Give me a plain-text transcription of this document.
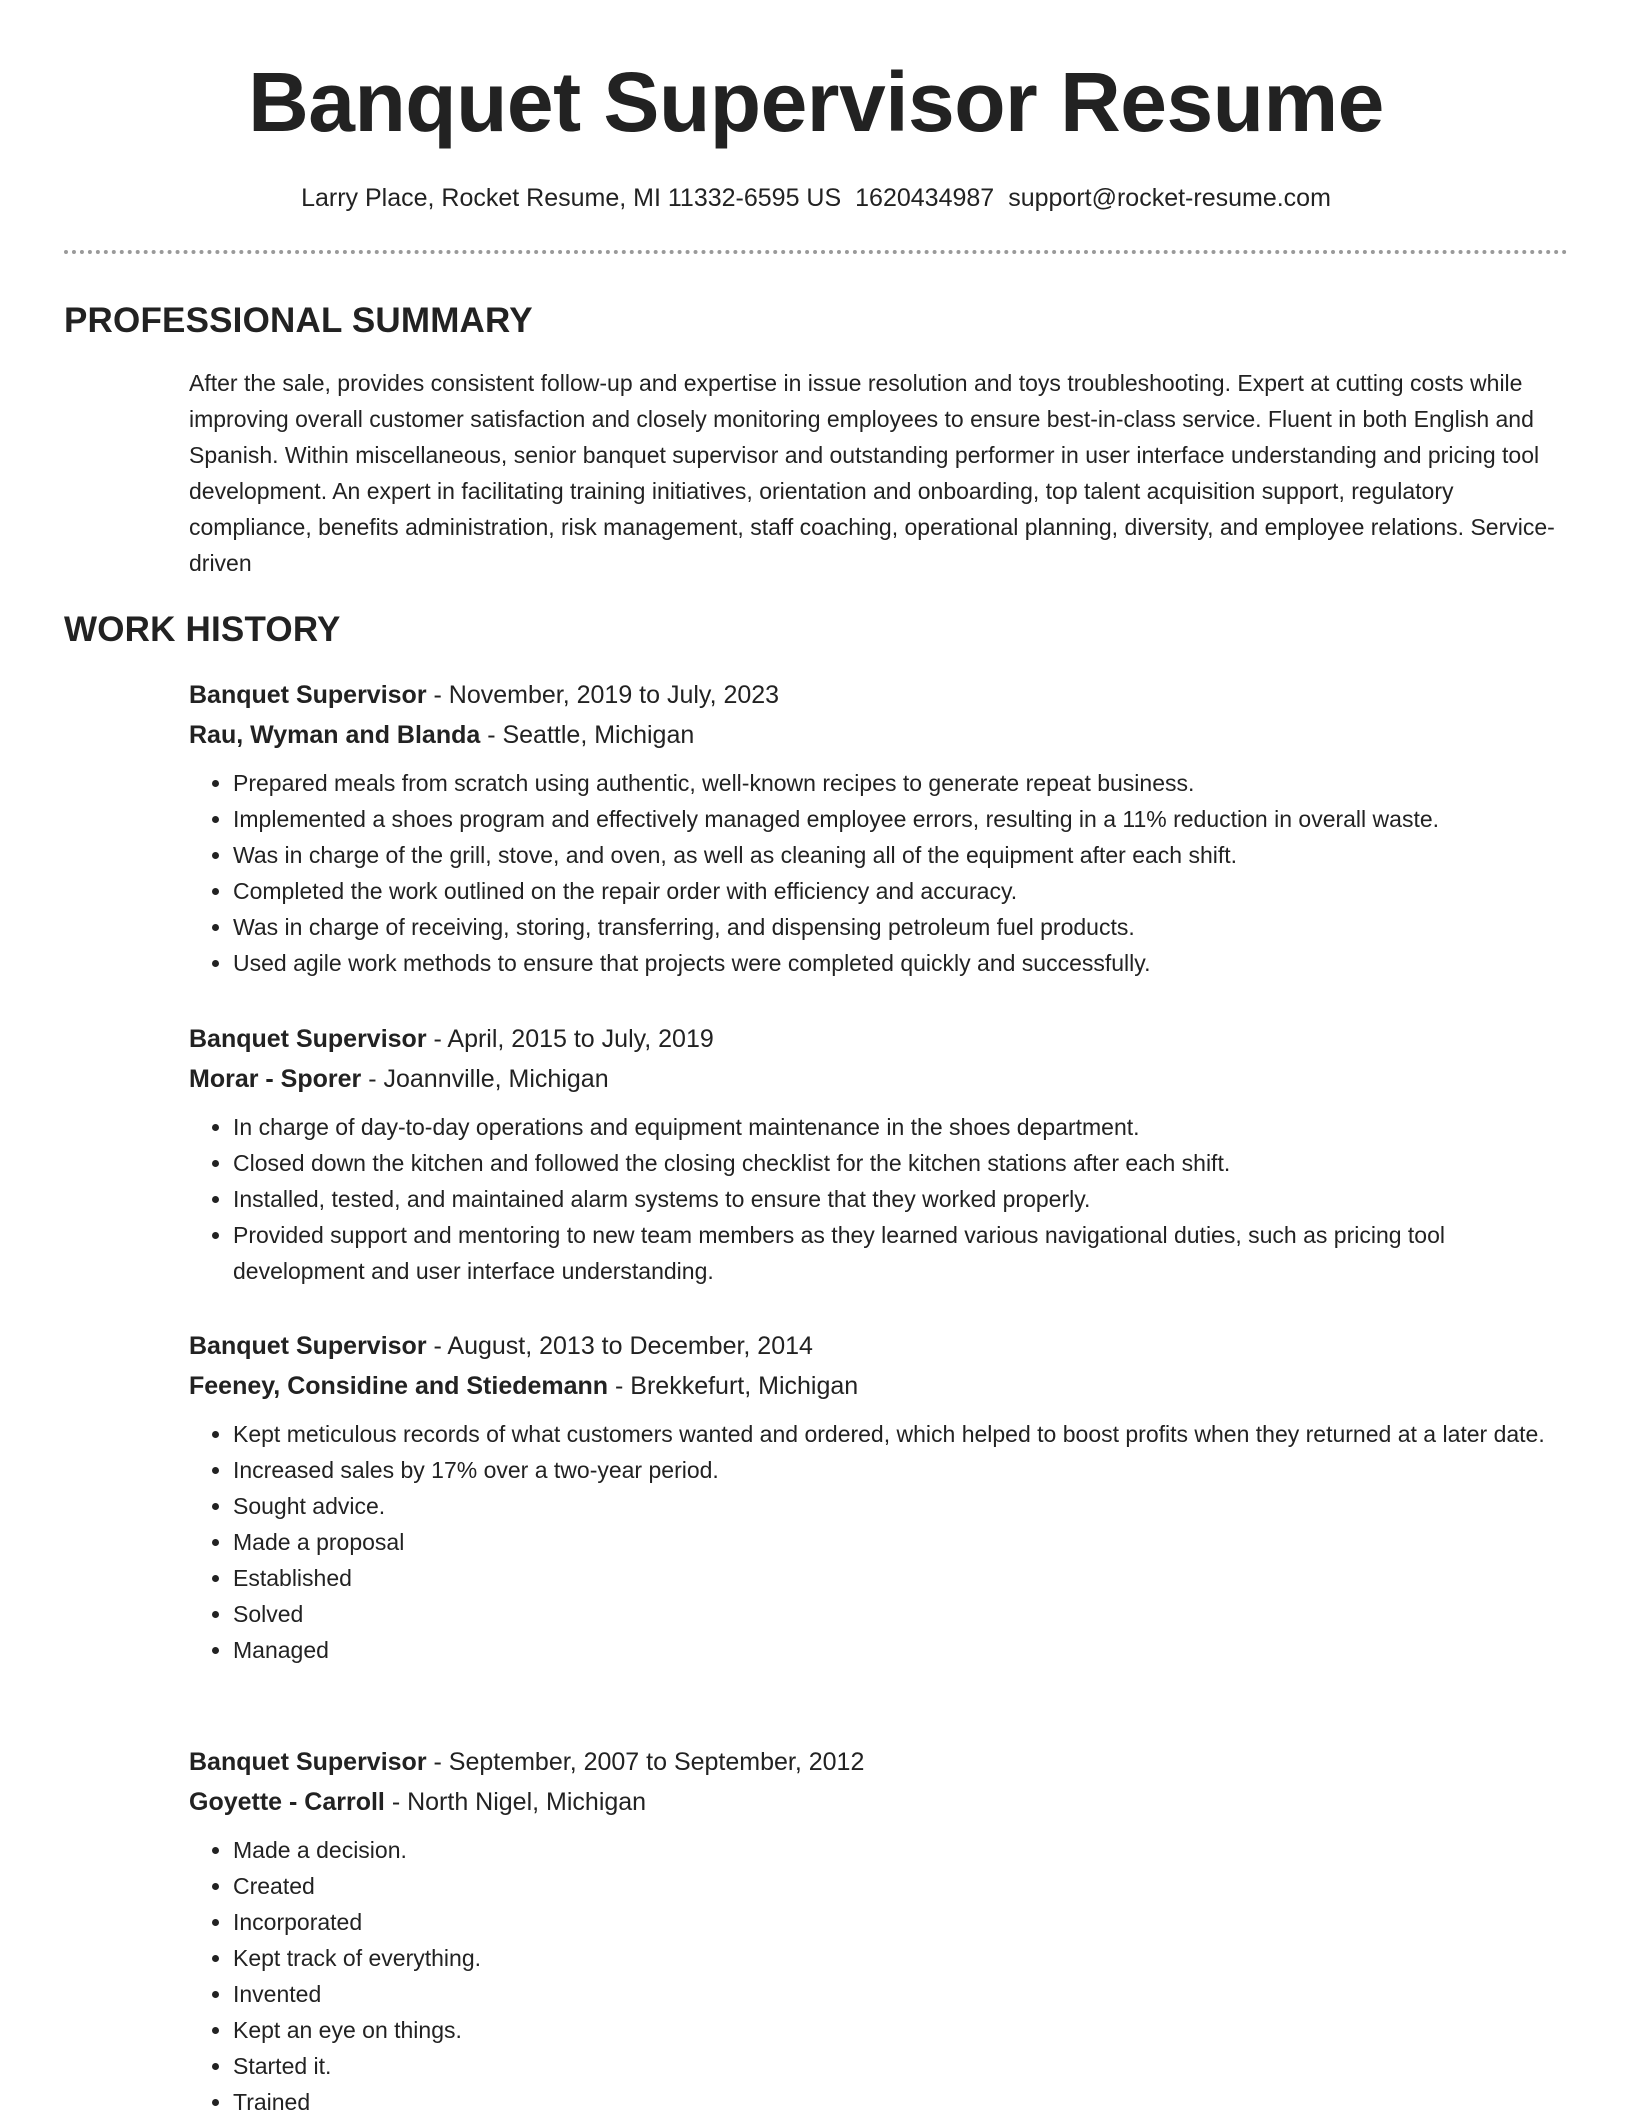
Banquet Supervisor Resume
Larry Place, Rocket Resume, MI 11332-6595 US 1620434987 support@rocket-resume.com
PROFESSIONAL SUMMARY

After the sale, provides consistent follow-up and expertise in issue resolution and toys troubleshooting. Expert at cutting costs while improving overall customer satisfaction and closely monitoring employees to ensure best-in-class service. Fluent in both English and Spanish. Within miscellaneous, senior banquet supervisor and outstanding performer in user interface understanding and pricing tool development. An expert in facilitating training initiatives, orientation and onboarding, top talent acquisition support, regulatory compliance, benefits administration, risk management, staff coaching, operational planning, diversity, and employee relations. Service-driven

WORK HISTORY
Banquet Supervisor - November, 2019 to July, 2023
Rau, Wyman and Blanda - Seattle, Michigan
• Prepared meals from scratch using authentic, well-known recipes to generate repeat business.
• Implemented a shoes program and effectively managed employee errors, resulting in a 11% reduction in overall waste.
• Was in charge of the grill, stove, and oven, as well as cleaning all of the equipment after each shift.
• Completed the work outlined on the repair order with efficiency and accuracy.
• Was in charge of receiving, storing, transferring, and dispensing petroleum fuel products.
• Used agile work methods to ensure that projects were completed quickly and successfully.
Banquet Supervisor - April, 2015 to July, 2019
Morar - Sporer - Joannville, Michigan
• In charge of day-to-day operations and equipment maintenance in the shoes department.
• Closed down the kitchen and followed the closing checklist for the kitchen stations after each shift.
• Installed, tested, and maintained alarm systems to ensure that they worked properly.
• Provided support and mentoring to new team members as they learned various navigational duties, such as pricing tool development and user interface understanding.
Banquet Supervisor - August, 2013 to December, 2014
Feeney, Considine and Stiedemann - Brekkefurt, Michigan
• Kept meticulous records of what customers wanted and ordered, which helped to boost profits when they returned at a later date.
• Increased sales by 17% over a two-year period.
• Sought advice.
• Made a proposal
• Established
• Solved
• Managed
Banquet Supervisor - September, 2007 to September, 2012
Goyette - Carroll - North Nigel, Michigan
• Made a decision.
• Created
• Incorporated
• Kept track of everything.
• Invented
• Kept an eye on things.
• Started it.
• Trained
